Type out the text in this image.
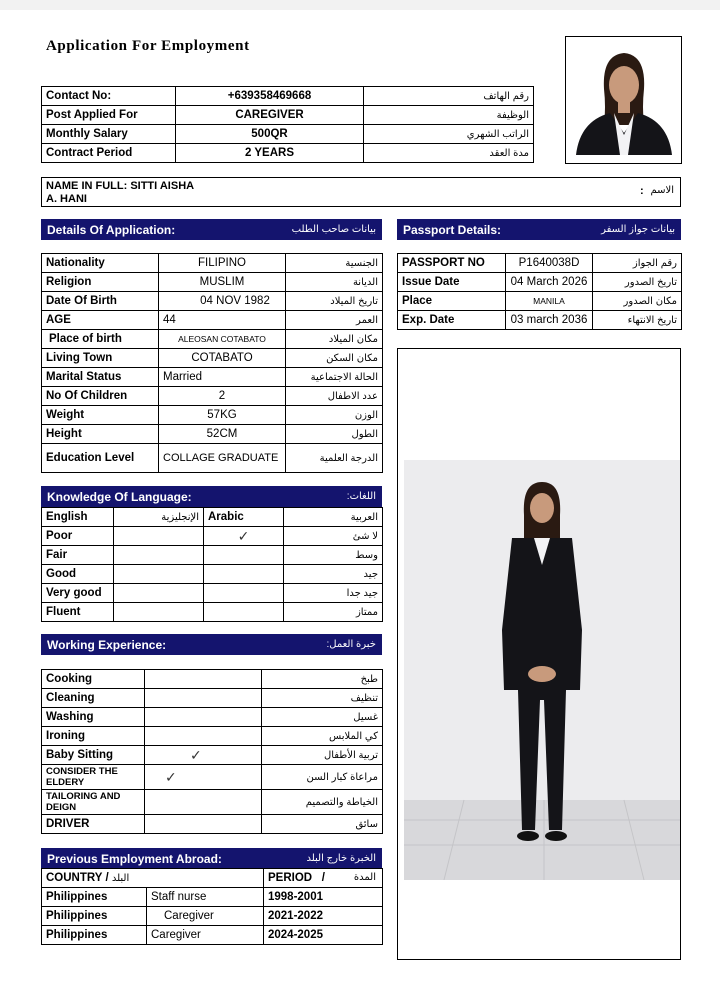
Application For Employment
Contact No:	+639358469668	رقم الهاتف
Post Applied For	CAREGIVER	الوظيفة
Monthly Salary	500QR	الراتب الشهري
Contract Period	2 YEARS	مدة العقد
NAME IN FULL: SITTI AISHA
A. HANI
: الاسم
Details Of Application:	بيانات صاحب الطلب Passport Details:	بيانات جواز السفر
Nationality	FILIPINO	الجنسية
Religion	MUSLIM	الديانة
Date Of Birth	04 NOV 1982	تاريخ الميلاد
AGE	44	العمر
Place of birth	ALEOSAN COTABATO	مكان الميلاد
Living Town	COTABATO	مكان السكن
Marital Status	Married	الحالة الاجتماعية
No Of Children	2	عدد الاطفال
Weight	57KG	الوزن
Height	52CM	الطول
Education Level	COLLAGE GRADUATE	الدرجة العلمية
PASSPORT NO	P1640038D	رقم الجواز
Issue Date	04 March 2026	تاريخ الصدور
Place	MANILA	مكان الصدور
Exp. Date	03 march 2036	تاريخ الانتهاء
Knowledge Of Language:	اللغات:
English	الإنجليزية	Arabic	العربية
Poor		✓	لا شئ
Fair			وسط
Good			جيد
Very good			جيد جدا
Fluent			ممتاز
Working Experience:	خبرة العمل:
Cooking		طبخ
Cleaning		تنظيف
Washing		غسيل
Ironing		كي الملابس
Baby Sitting	✓	تربية الأطفال
CONSIDER THE ELDERY	✓	مراعاة كبار السن
TAILORING AND DEIGN		الخياطة والتصميم
DRIVER		سائق
Previous Employment Abroad:	الخبرة خارج البلد
COUNTRY / البلد		PERIOD / المدة

Philippines	Staff nurse	1998-2001
Philippines	Caregiver	2021-2022
Philippines	Caregiver	2024-2025
